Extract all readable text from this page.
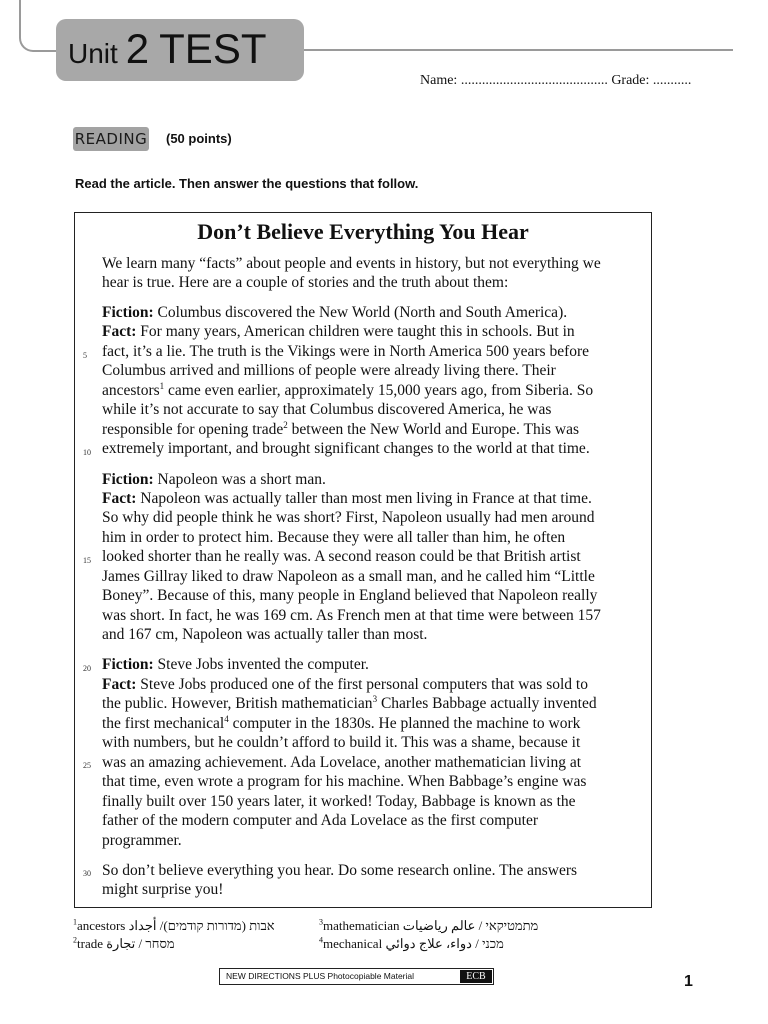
Unit 2 TEST
Name: .......................................... Grade: ...........
READING (50 points)
Read the article. Then answer the questions that follow.
Don’t Believe Everything You Hear
We learn many “facts” about people and events in history, but not everything we
hear is true. Here are a couple of stories and the truth about them:
Fiction: Columbus discovered the New World (North and South America).
Fact: For many years, American children were taught this in schools. But in
fact, it’s a lie. The truth is the Vikings were in North America 500 years before
Columbus arrived and millions of people were already living there. Their
ancestors$^1$ came even earlier, approximately 15,000 years ago, from Siberia. So
while it’s not accurate to say that Columbus discovered America, he was
responsible for opening trade$^2$ between the New World and Europe. This was
extremely important, and brought significant changes to the world at that time.
Fiction: Napoleon was a short man.
Fact: Napoleon was actually taller than most men living in France at that time.
So why did people think he was short? First, Napoleon usually had men around
him in order to protect him. Because they were all taller than him, he often
looked shorter than he really was. A second reason could be that British artist
James Gillray liked to draw Napoleon as a small man, and he called him “Little
Boney”. Because of this, many people in England believed that Napoleon really
was short. In fact, he was 169 cm. As French men at that time were between 157
and 167 cm, Napoleon was actually taller than most.
Fiction: Steve Jobs invented the computer.
Fact: Steve Jobs produced one of the first personal computers that was sold to
the public. However, British mathematician$^3$ Charles Babbage actually invented
the first mechanical$^4$ computer in the 1830s. He planned the machine to work
with numbers, but he couldn’t afford to build it. This was a shame, because it
was an amazing achievement. Ada Lovelace, another mathematician living at
that time, even wrote a program for his machine. When Babbage’s engine was
finally built over 150 years later, it worked! Today, Babbage is known as the
father of the modern computer and Ada Lovelace as the first computer
programmer.
So don’t believe everything you hear. Do some research online. The answers
might surprise you!
5
10
15
20
25
30
$^1$ancestors אבות (מדורות קודמים)/ أجداد
$^2$trade מסחר / تجارة
$^3$mathematician מתמטיקאי / عالم رياضيات
$^4$mechanical מכני / دواء، علاج دوائي
NEW DIRECTIONS PLUS Photocopiable Material	ECB	1
